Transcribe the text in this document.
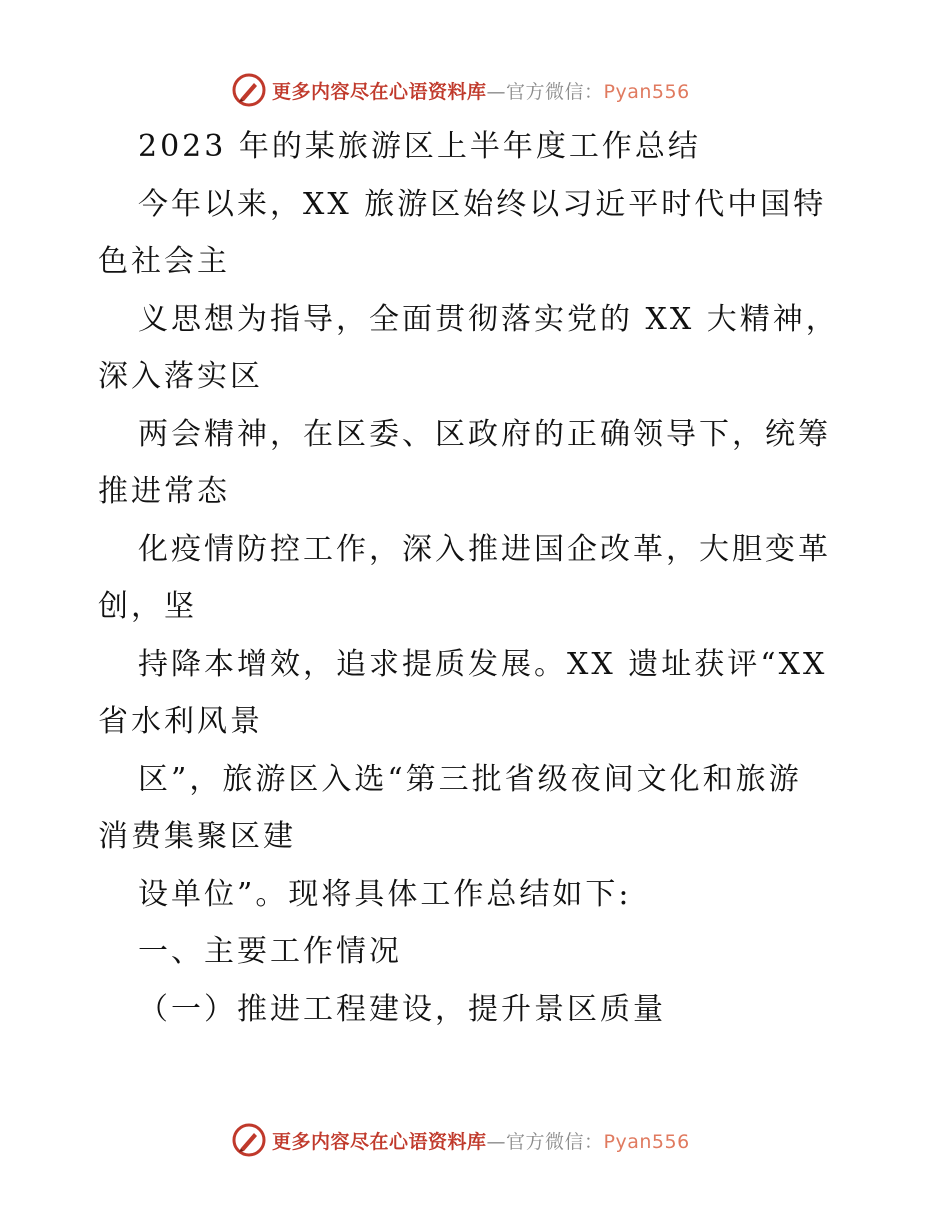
更多内容尽在心语资料库—官方微信：Pyan556
2023 年的某旅游区上半年度工作总结
今年以来，XX 旅游区始终以习近平时代中国特
色社会主
义思想为指导，全面贯彻落实党的 XX 大精神，
深入落实区
两会精神，在区委、区政府的正确领导下，统筹
推进常态
化疫情防控工作，深入推进国企改革，大胆变革
创，坚
持降本增效，追求提质发展。XX 遗址获评“XX
省水利风景
区”，旅游区入选“第三批省级夜间文化和旅游
消费集聚区建
设单位”。现将具体工作总结如下:
一、主要工作情况
（一）推进工程建设，提升景区质量
更多内容尽在心语资料库—官方微信：Pyan556
